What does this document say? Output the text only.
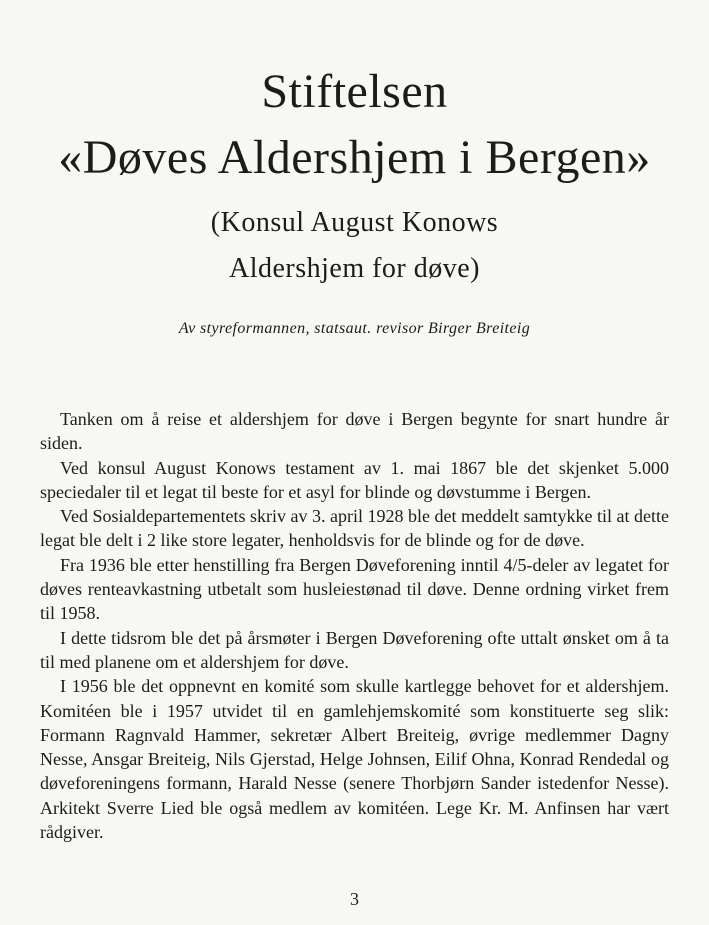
Stiftelsen
«Døves Aldershjem i Bergen»
(Konsul August Konows
Aldershjem for døve)
Av styreformannen, statsaut. revisor Birger Breiteig

Tanken om å reise et aldershjem for døve i Bergen begynte for snart hundre år siden.

Ved konsul August Konows testament av 1. mai 1867 ble det skjenket 5.000 speciedaler til et legat til beste for et asyl for blinde og døvstumme i Bergen.

Ved Sosialdepartementets skriv av 3. april 1928 ble det meddelt samtykke til at dette legat ble delt i 2 like store legater, henholdsvis for de blinde og for de døve.

Fra 1936 ble etter henstilling fra Bergen Døveforening inntil 4/5-deler av legatet for døves renteavkastning utbetalt som husleiestønad til døve. Denne ordning virket frem til 1958.

I dette tidsrom ble det på årsmøter i Bergen Døveforening ofte uttalt ønsket om å ta til med planene om et aldershjem for døve.

I 1956 ble det oppnevnt en komité som skulle kartlegge behovet for et aldershjem. Komitéen ble i 1957 utvidet til en gamlehjemskomité som konstituerte seg slik: Formann Ragnvald Hammer, sekretær Albert Breiteig, øvrige medlemmer Dagny Nesse, Ansgar Breiteig, Nils Gjerstad, Helge Johnsen, Eilif Ohna, Konrad Rendedal og døveforeningens formann, Harald Nesse (senere Thorbjørn Sander istedenfor Nesse). Arkitekt Sverre Lied ble også medlem av komitéen. Lege Kr. M. Anfinsen har vært rådgiver.

3
